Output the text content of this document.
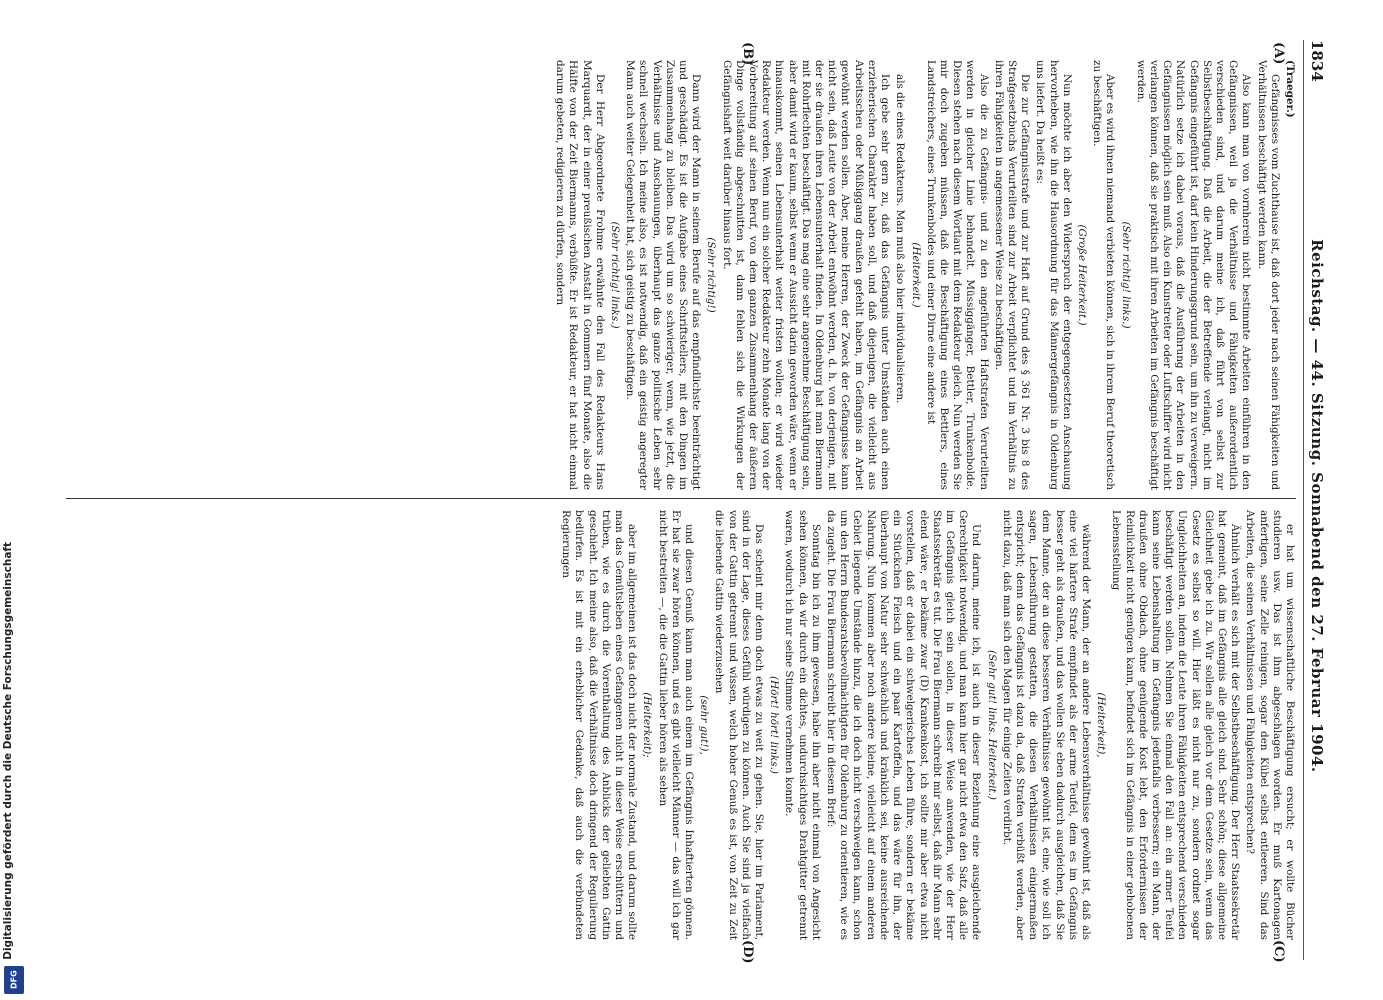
Digitalisierung gefördert durch die Deutsche Forschungsgemeinschaft
DFG
1834
Reichstag. — 44. Sitzung. Sonnabend den 27. Februar 1904.
(A)
(B)
(C)
(D)

(Traeger.)

Gefängnisses vom Zuchthause ist, daß dort jeder nach seinen Fähigkeiten und Verhältnissen beschäftigt werden kann.

Also kann man von vornherein nicht bestimmte Arbeiten einführen in den Gefängnissen, weil ja die Verhältnisse und Fähigkeiten außerordentlich verschieden sind, und darum meine ich, daß führt von selbst zur Selbstbeschäftigung. Daß die Arbeit, die der Betreffende verlangt, nicht im Gefängnis eingeführt ist, darf kein Hinderungsgrund sein, um ihn zu verweigern. Natürlich setze ich dabei voraus, daß die Ausführung der Arbeiten in den Gefängnissen möglich sein muß. Also ein Kunstreiter oder Luftschiffer wird nicht verlangen können, daß sie praktisch mit ihren Arbeiten im Gefängnis beschäftigt werden.

(Sehr richtig! links.)

Aber es wird ihnen niemand verbieten können, sich in ihrem Beruf theoretisch zu beschäftigen.

(Große Heiterkeit.)

Nun möchte ich aber den Widerspruch der entgegengesetzten Anschauung hervorheben, wie ihn die Hausordnung für das Männergefängnis in Oldenburg uns liefert. Da heißt es:

Die zur Gefängnisstrafe und zur Haft auf Grund des § 361 Nr. 3 bis 8 des Strafgesetzbuchs Verurteilten sind zur Arbeit verpflichtet und im Verhältnis zu ihren Fähigkeiten in angemessener Weise zu beschäftigen.

Also die zu Gefängnis- und zu den angeführten Haftstrafen Verurteilten werden in gleicher Linie behandelt. Müssiggänger, Bettler, Trunkenbolde. Diesen stehen nach diesem Wortlaut mit dem Redakteur gleich. Nun werden Sie mir doch zugeben müssen, daß die Beschäftigung eines Bettlers, eines Landstreichers, eines Trunkenboldes und einer Dirne eine andere ist

(Heiterkeit.)

als die eines Redakteurs. Man muß also hier individualisieren.

Ich gebe sehr gern zu, daß das Gefängnis unter Umständen auch einen erzieherischen Charakter haben soll, und daß diejenigen, die vielleicht aus Arbeitsscheu oder Müßiggang draußen gefehlt haben, im Gefängnis an Arbeit gewöhnt werden sollen. Aber, meine Herren, der Zweck der Gefängnisse kann nicht sein, daß Leute von der Arbeit entwöhnt werden, d. h. von derjenigen, mit der sie draußen ihren Lebensunterhalt finden. In Oldenburg hat man Biermann mit Rohrflechten beschäftigt. Das mag eine sehr angenehme Beschäftigung sein, aber damit wird er kaum, selbst wenn er Aussicht darin geworden wäre, wenn er hinauskommt, seinen Lebensunterhalt weiter fristen wollen; er wird wieder Redakteur werden. Wenn nun ein solcher Redakteur zehn Monate lang von der Vorbereitung auf seinen Beruf, von dem ganzen Zusammenhang der äußeren Dinge vollständig abgeschnitten ist, dann fehlen sich die Wirkungen der Gefängnishaft weit darüber hinaus fort.

(Sehr richtig!)

Dann wird der Mann in seinem Berufe auf das empfindlichste beeinträchtigt und geschädigt. Es ist die Aufgabe eines Schriftstellers, mit den Dingen im Zusammenhang zu bleiben. Das wird um so schwieriger, wenn, wie jetzt, die Verhältnisse und Anschauungen, überhaupt das ganze politische Leben sehr schnell wechseln. Ich meine also, es ist notwendig, daß ein geistig angeregter Mann auch weiter Gelegenheit hat, sich geistig zu beschäftigen.

(Sehr richtig! links.)

Der Herr Abgeordnete Frohme erwähnte den Fall des Redakteurs Hans Marquardt, der in einer preußischen Anstalt in Gommern fünf Monate, also die Hälfte von der Zeit Biermanns, verbüßte. Er ist Redakteur, er hat nicht einmal darum gebeten, redigieren zu dürfen, sondern

er hat um wissenschaftliche Beschäftigung ersucht; er wollte Bücher studieren usw. Das ist ihm abgeschlagen worden. Er muß Kartonagen anfertigen, seine Zelle reinigen, sogar den Kübel selbst entleeren. Sind das Arbeiten, die seinen Verhältnissen und Fähigkeiten entsprechen?

Ähnlich verhält es sich mit der Selbstbeschäftigung. Der Herr Staatssekretär hat gemeint, daß im Gefängnis alle gleich sind. Sehr schön; diese allgemeine Gleichheit gebe ich zu. Wir sollen alle gleich vor dem Gesetze sein, wenn das Gesetz es selbst so will. Hier läßt es nicht nur zu, sondern ordnet sogar Ungleichheiten an, indem die Leute ihren Fähigkeiten entsprechend verschieden beschäftigt werden sollen. Nehmen Sie einmal den Fall an: ein armer Teufel kann seine Lebenshaltung im Gefängnis jedenfalls verbessern; ein Mann, der draußen ohne Obdach, ohne genügende Kost lebt, den Erfordernissen der Reinlichkeit nicht genügen kann, befindet sich im Gefängnis in einer gehobenen Lebensstellung

(Heiterkeit),

während der Mann, der an andere Lebensverhältnisse gewöhnt ist, daß als eine viel härtere Strafe empfindet als der arme Teufel, dem es im Gefängnis besser geht als draußen, und das wollen Sie eben dadurch ausgleichen, daß Sie dem Manne, der an diese besseren Verhältnisse gewöhnt ist, eine, wie soll ich sagen, Lebensführung gestatten, die diesen Verhältnissen einigermaßen entspricht; denn das Gefängnis ist dazu da, daß Strafen verbüßt werden, aber nicht dazu, daß man sich den Magen für einige Zeiten verdirbt.

(Sehr gut! links. Heiterkeit.)

Und darum, meine ich, ist auch in dieser Beziehung eine ausgleichende Gerechtigkeit notwendig, und man kann hier gar nicht etwa den Satz, daß alle im Gefängnis gleich sein sollen, in dieser Weise anwenden, wie der Herr Staatssekretär es tut. Die Frau Biermann schreibt mir selbst, daß ihr Mann sehr elend wäre, er bekäme zwar (D) Krankenkost, ich sollte mir aber etwa nicht vorstellen, daß er dabei ein schwelgerisches Leben führe, sondern er bekäme ein Stückchen Fleisch und ein paar Kartoffeln, und das wäre für ihn, der überhaupt von Natur sehr schwächlich und kränklich sei, keine ausreichende Nahrung. Nun kommen aber noch andere kleine, vielleicht auf einem anderen Gebiet liegende Umstände hinzu, die ich doch nicht verschweigen kann, schon um den Herrn Bundesratsbevollmächtigten für Oldenburg zu orientieren, wie es da zugeht. Die Frau Biermann schreibt hier in diesem Brief:

Sonntag bin ich zu ihm gewesen, habe ihn aber nicht einmal von Angesicht sehen können, da wir durch ein dichtes, undurchsichtiges Drahtgitter getrennt waren, wodurch ich nur seine Stimme vernehmen konnte.

(Hört! hört! links.)

Das scheint mir denn doch etwas zu weit zu gehen. Sie, hier im Parlament, sind in der Lage, dieses Gefühl würdigen zu können. Auch Sie sind ja vielfach von der Gattin getrennt und wissen, welch hoher Genuß es ist, von Zeit zu Zeit die liebende Gattin wiederzusehen

(sehr gut!),

und diesen Genuß kann man auch einem im Gefängnis Inhaftierten gönnen. Er hat sie zwar hören können, und es gibt vielleicht Männer — das will ich gar nicht bestreiten —, die die Gattin lieber hören als sehen

(Heiterkeit);

aber im allgemeinen ist das doch nicht der normale Zustand, und darum sollte man das Gemütsleben eines Gefangenen nicht in dieser Weise erschüttern und trüben, wie es durch die Vorenthaltung des Anblicks der geliebten Gattin geschieht. Ich meine also, daß die Verhältnisse doch dringend der Regulierung bedürfen. Es ist mit ein erheblicher Gedanke, daß auch die verbündeten Regierungen
